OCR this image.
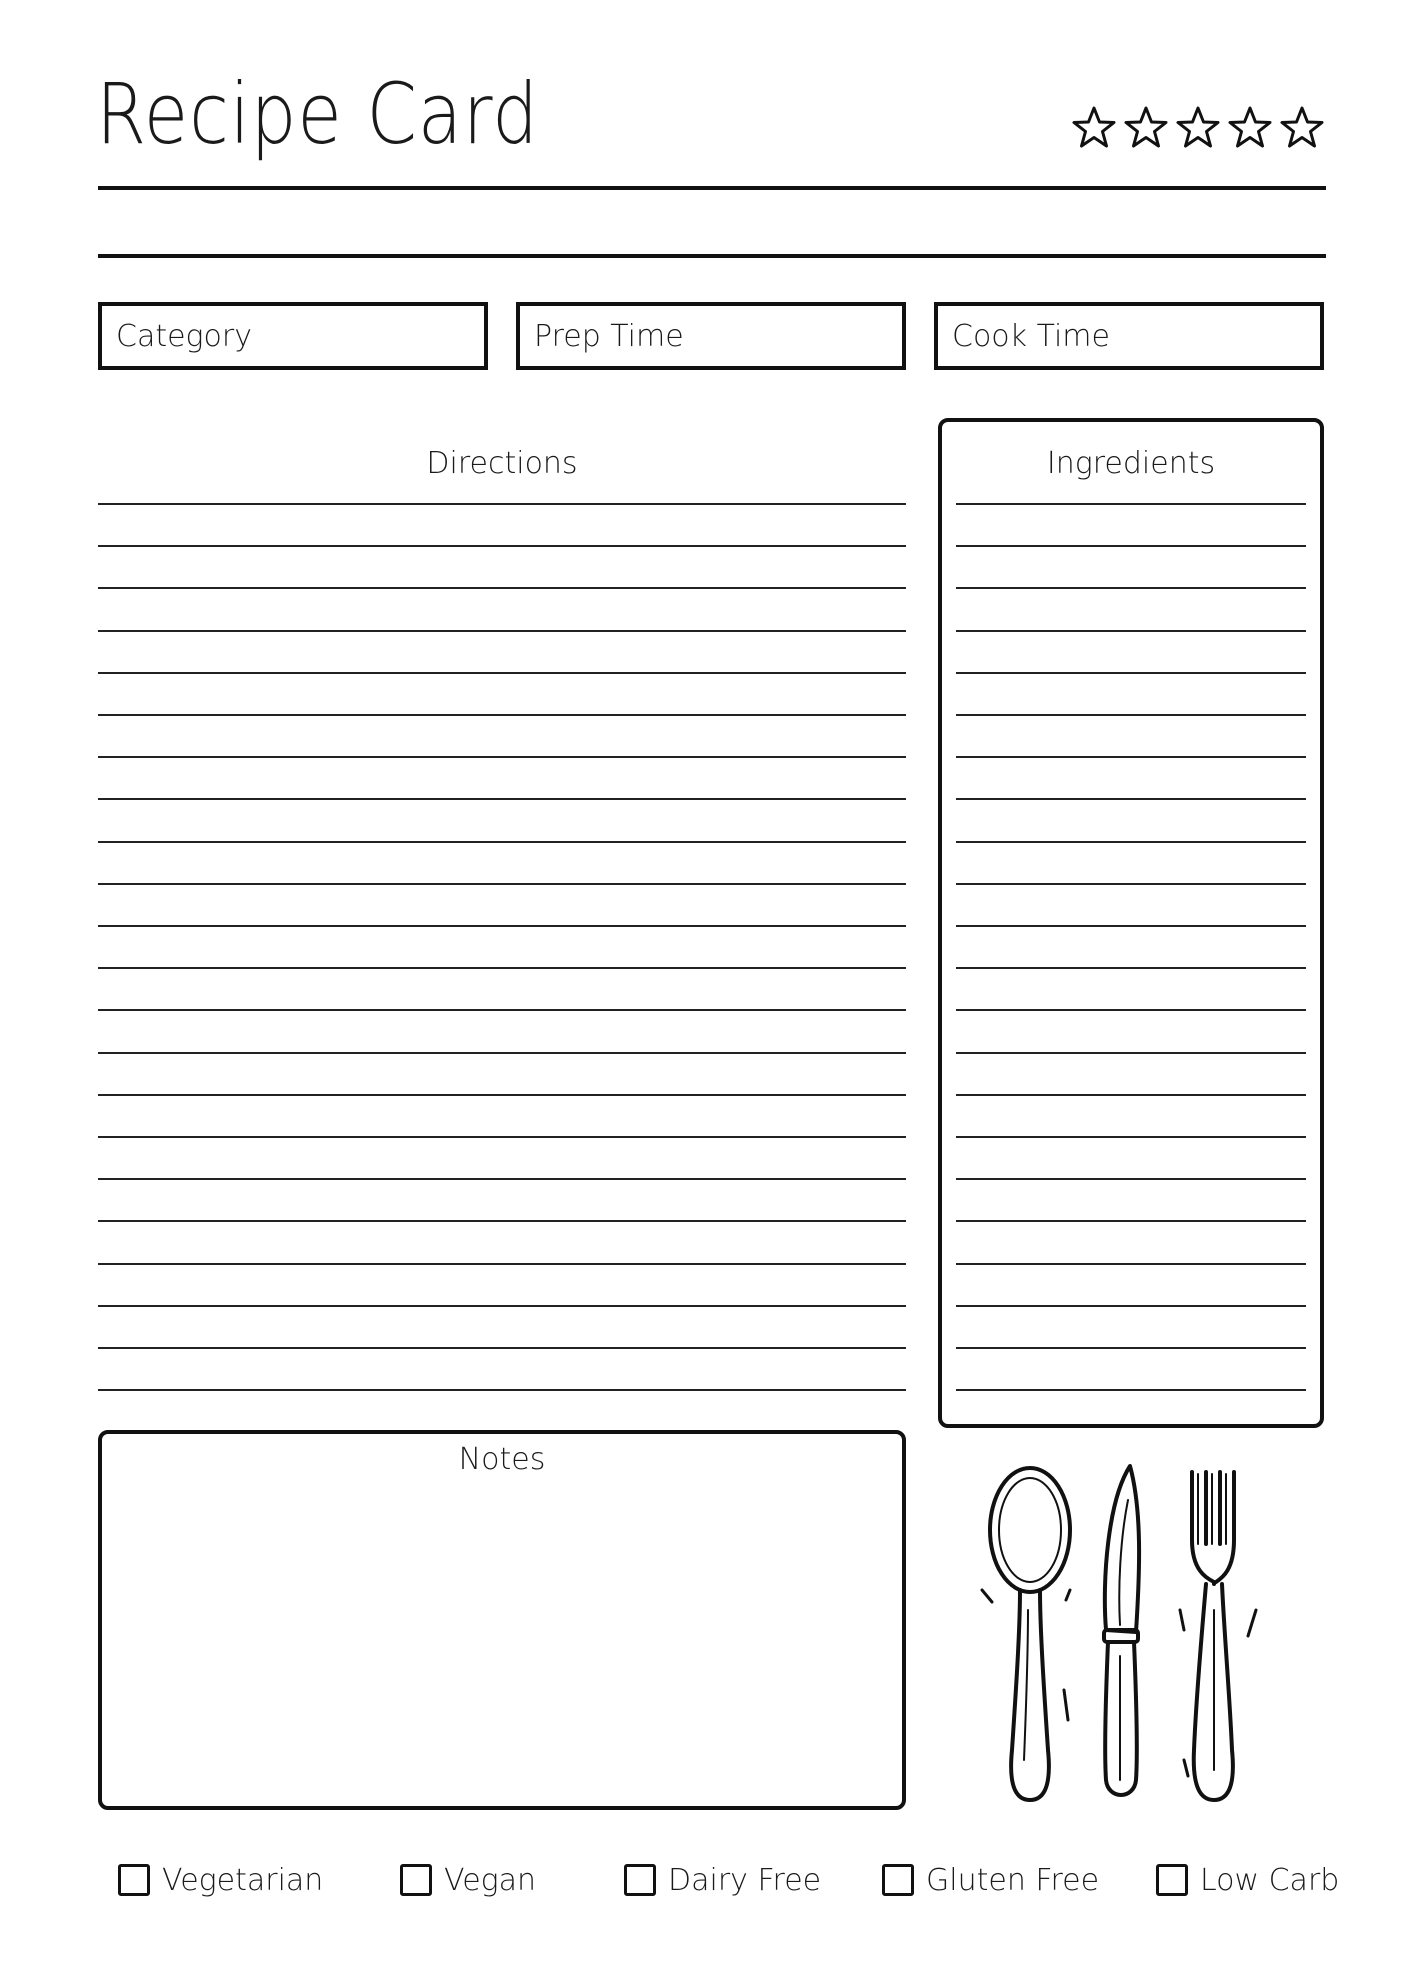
Recipe Card
Category	Prep Time	Cook Time
Directions	Ingredients
Notes
Vegetarian	Vegan	Dairy Free	Gluten Free	Low Carb
